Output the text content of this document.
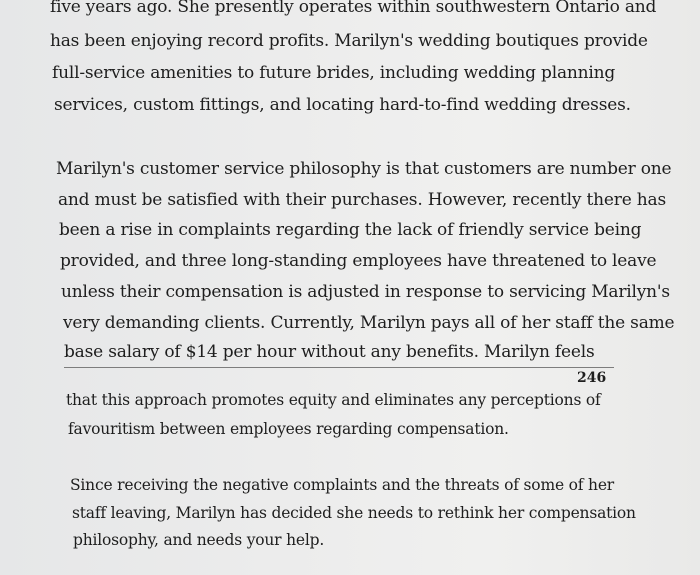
five years ago. She presently operates within southwestern Ontario and
has been enjoying record profits. Marilyn's wedding boutiques provide
full-service amenities to future brides, including wedding planning
services, custom fittings, and locating hard-to-find wedding dresses.
Marilyn's customer service philosophy is that customers are number one
and must be satisfied with their purchases. However, recently there has
been a rise in complaints regarding the lack of friendly service being
provided, and three long-standing employees have threatened to leave
unless their compensation is adjusted in response to servicing Marilyn's
very demanding clients. Currently, Marilyn pays all of her staff the same
base salary of $14 per hour without any benefits. Marilyn feels
246
that this approach promotes equity and eliminates any perceptions of
favouritism between employees regarding compensation.
Since receiving the negative complaints and the threats of some of her
staff leaving, Marilyn has decided she needs to rethink her compensation
philosophy, and needs your help.
